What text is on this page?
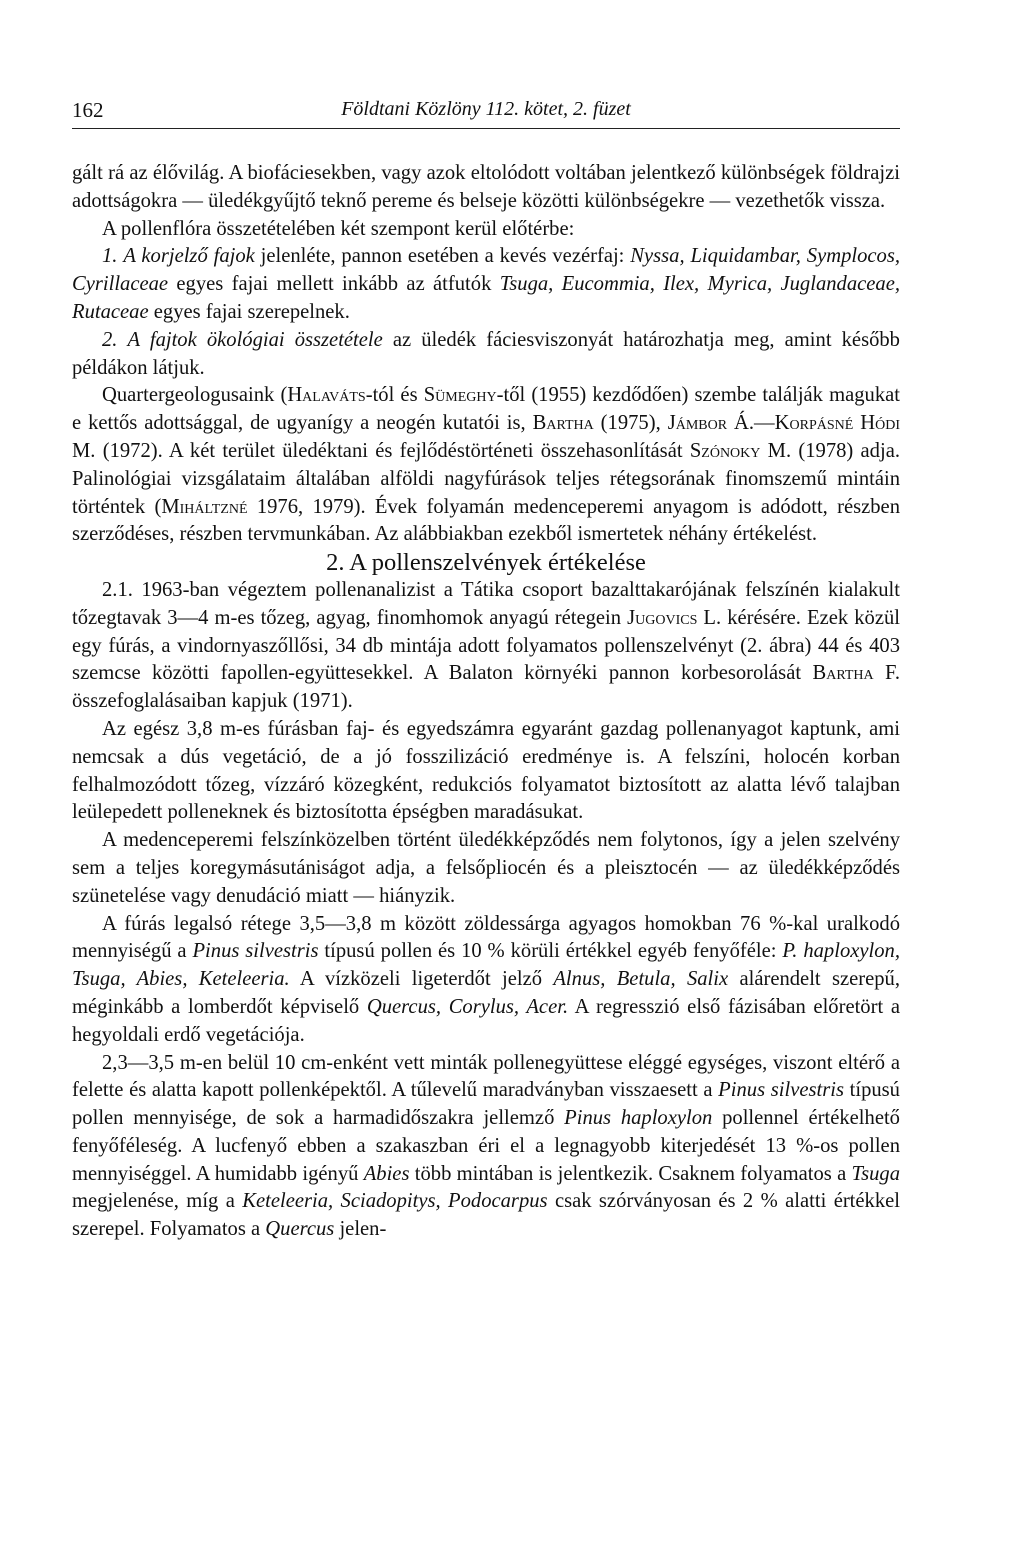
162	Földtani Közlöny 112. kötet, 2. füzet

gált rá az élővilág. A biofáciesekben, vagy azok eltolódott voltában jelentkező különbségek földrajzi adottságokra — üledékgyűjtő teknő pereme és belseje közötti különbségekre — vezethetők vissza.

A pollenflóra összetételében két szempont kerül előtérbe:

1. A korjelző fajok jelenléte, pannon esetében a kevés vezérfaj: Nyssa, Liquidambar, Symplocos, Cyrillaceae egyes fajai mellett inkább az átfutók Tsuga, Eucommia, Ilex, Myrica, Juglandaceae, Rutaceae egyes fajai szerepelnek.

2. A fajtok ökológiai összetétele az üledék fáciesviszonyát határozhatja meg, amint később példákon látjuk.

Quartergeologusaink (Halaváts-tól és Sümeghy-től (1955) kezdődően) szembe találják magukat e kettős adottsággal, de ugyanígy a neogén kutatói is, Bartha (1975), Jámbor Á.—Korpásné Hódi M. (1972). A két terület üledéktani és fejlődéstörténeti összehasonlítását Szónoky M. (1978) adja. Palinológiai vizsgálataim általában alföldi nagyfúrások teljes rétegsorának finomszemű mintáin történtek (Miháltzné 1976, 1979). Évek folyamán medenceperemi anyagom is adódott, részben szerződéses, részben tervmunkában. Az alábbiakban ezekből ismertetek néhány értékelést.

2. A pollenszelvények értékelése

2.1. 1963-ban végeztem pollenanalizist a Tátika csoport bazalttakarójának felszínén kialakult tőzegtavak 3—4 m-es tőzeg, agyag, finomhomok anyagú rétegein Jugovics L. kérésére. Ezek közül egy fúrás, a vindornyaszőllősi, 34 db mintája adott folyamatos pollenszelvényt (2. ábra) 44 és 403 szemcse közötti fapollen-együttesekkel. A Balaton környéki pannon korbesorolását Bartha F. összefoglalásaiban kapjuk (1971).

Az egész 3,8 m-es fúrásban faj- és egyedszámra egyaránt gazdag pollenanyagot kaptunk, ami nemcsak a dús vegetáció, de a jó fosszilizáció eredménye is. A felszíni, holocén korban felhalmozódott tőzeg, vízzáró közegként, redukciós folyamatot biztosított az alatta lévő talajban leülepedett polleneknek és biztosította épségben maradásukat.

A medenceperemi felszínközelben történt üledékképződés nem folytonos, így a jelen szelvény sem a teljes koregymásutániságot adja, a felsőpliocén és a pleisztocén — az üledékképződés szünetelése vagy denudáció miatt — hiányzik.

A fúrás legalsó rétege 3,5—3,8 m között zöldessárga agyagos homokban 76 %-kal uralkodó mennyiségű a Pinus silvestris típusú pollen és 10 % körüli értékkel egyéb fenyőféle: P. haploxylon, Tsuga, Abies, Keteleeria. A vízközeli ligeterdőt jelző Alnus, Betula, Salix alárendelt szerepű, méginkább a lomberdőt képviselő Quercus, Corylus, Acer. A regresszió első fázisában előretört a hegyoldali erdő vegetációja.

2,3—3,5 m-en belül 10 cm-enként vett minták pollenegyüttese eléggé egységes, viszont eltérő a felette és alatta kapott pollenképektől. A tűlevelű maradványban visszaesett a Pinus silvestris típusú pollen mennyisége, de sok a harmadidőszakra jellemző Pinus haploxylon pollennel értékelhető fenyőféleség. A lucfenyő ebben a szakaszban éri el a legnagyobb kiterjedését 13 %-os pollen mennyiséggel. A humidabb igényű Abies több mintában is jelentkezik. Csaknem folyamatos a Tsuga megjelenése, míg a Keteleeria, Sciadopitys, Podocarpus csak szórványosan és 2 % alatti értékkel szerepel. Folyamatos a Quercus jelen-
